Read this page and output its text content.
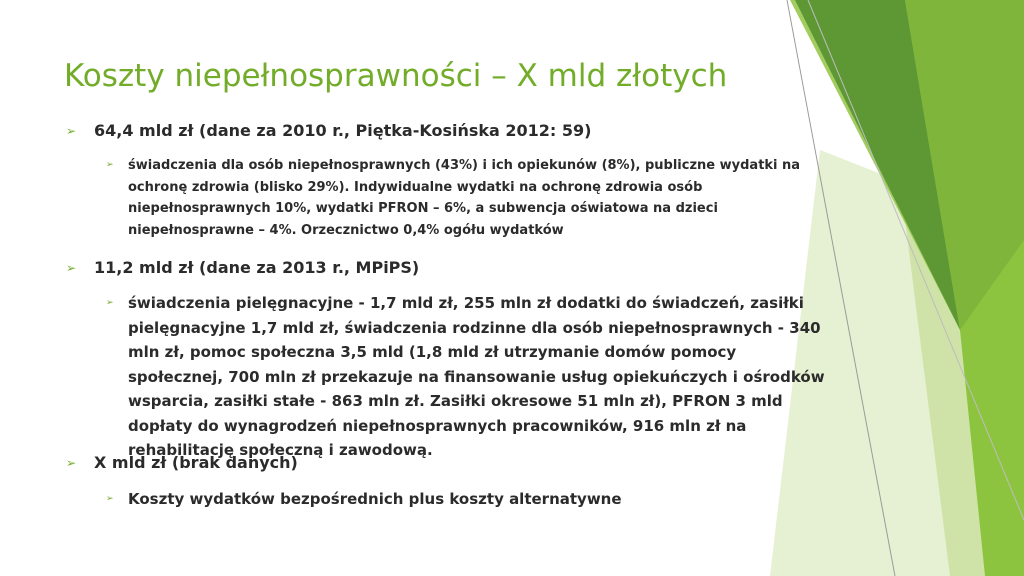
Koszty niepełnosprawności – X mld złotych
➢ 64,4 mld zł (dane za 2010 r., Piętka-Kosińska 2012: 59)
➢ świadczenia dla osób niepełnosprawnych (43%) i ich opiekunów (8%), publiczne wydatki na ochronę zdrowia (blisko 29%). Indywidualne wydatki na ochronę zdrowia osób niepełnosprawnych 10%, wydatki PFRON – 6%, a subwencja oświatowa na dzieci niepełnosprawne – 4%. Orzecznictwo 0,4% ogółu wydatków
➢ 11,2 mld zł (dane za 2013 r., MPiPS)
➢ świadczenia pielęgnacyjne - 1,7 mld zł, 255 mln zł dodatki do świadczeń, zasiłki pielęgnacyjne 1,7 mld zł, świadczenia rodzinne dla osób niepełnosprawnych - 340 mln zł, pomoc społeczna 3,5 mld (1,8 mld zł utrzymanie domów pomocy społecznej, 700 mln zł przekazuje na finansowanie usług opiekuńczych i ośrodków wsparcia, zasiłki stałe - 863 mln zł. Zasiłki okresowe 51 mln zł), PFRON 3 mld dopłaty do wynagrodzeń niepełnosprawnych pracowników, 916 mln zł na rehabilitację społeczną i zawodową.
➢ X mld zł (brak danych)
➢ Koszty wydatków bezpośrednich plus koszty alternatywne
